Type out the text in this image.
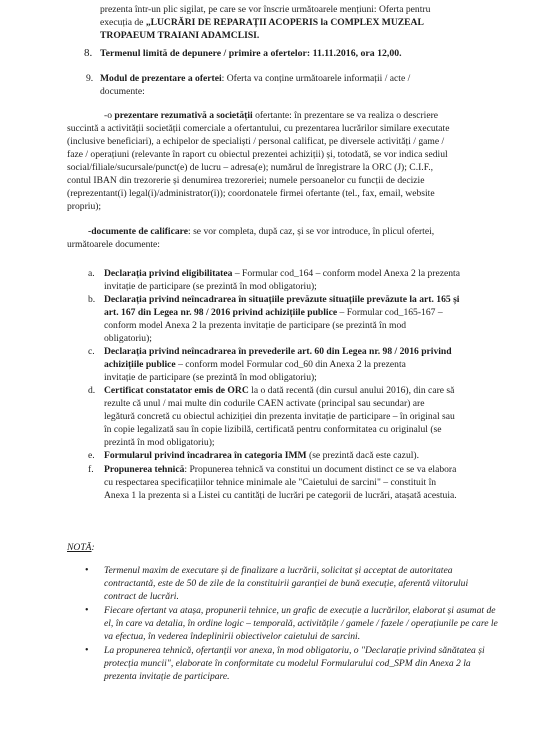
prezenta într-un plic sigilat, pe care se vor înscrie următoarele mențiuni: Oferta pentru
execuția de „LUCRĂRI DE REPARAȚII ACOPERIS la COMPLEX MUZEAL
TROPAEUM TRAIANI ADAMCLISI.
8. Termenul limită de depunere / primire a ofertelor: 11.11.2016, ora 12,00.
9. Modul de prezentare a ofertei: Oferta va conține următoarele informații / acte /
documente:
-o prezentare rezumativă a societății ofertante: în prezentare se va realiza o descriere
succintă a activității societății comerciale a ofertantului, cu prezentarea lucrărilor similare executate
(inclusive beneficiari), a echipelor de specialiști / personal calificat, pe diversele activități / game /
faze / operațiuni (relevante în raport cu obiectul prezentei achiziții) și, totodată, se vor indica sediul
social/filiale/sucursale/punct(e) de lucru – adresa(e); numărul de înregistrare la ORC (J); C.I.F.,
contul IBAN din trezorerie și denumirea trezoreriei; numele persoanelor cu funcții de decizie
(reprezentant(i) legal(i)/administrator(i)); coordonatele firmei ofertante (tel., fax, email, website
propriu);
-documente de calificare: se vor completa, după caz, și se vor introduce, în plicul ofertei,
următoarele documente:
a. Declarația privind eligibilitatea – Formular cod_164 – conform model Anexa 2 la prezenta
invitație de participare (se prezintă în mod obligatoriu);
b. Declarația privind neîncadrarea în situațiile prevăzute situațiile prevăzute la art. 165 și
art. 167 din Legea nr. 98 / 2016 privind achizițiile publice – Formular cod_165-167 –
conform model Anexa 2 la prezenta invitație de participare (se prezintă în mod
obligatoriu);
c. Declarația privind neîncadrarea în prevederile art. 60 din Legea nr. 98 / 2016 privind
achizițiile publice – conform model Formular cod_60 din Anexa 2 la prezenta
invitație de participare (se prezintă în mod obligatoriu);
d. Certificat constatator emis de ORC la o dată recentă (din cursul anului 2016), din care să
rezulte că unul / mai multe din codurile CAEN activate (principal sau secundar) are
legătură concretă cu obiectul achiziției din prezenta invitație de participare – în original sau
în copie legalizată sau în copie lizibilă, certificată pentru conformitatea cu originalul (se
prezintă în mod obligatoriu);
e. Formularul privind încadrarea în categoria IMM (se prezintă dacă este cazul).
f. Propunerea tehnică: Propunerea tehnică va constitui un document distinct ce se va elabora
cu respectarea specificațiilor tehnice minimale ale "Caietului de sarcini" – constituit în
Anexa 1 la prezenta si a Listei cu cantități de lucrări pe categorii de lucrări, atașată acestuia.
NOTĂ:
• Termenul maxim de executare și de finalizare a lucrării, solicitat și acceptat de autoritatea
contractantă, este de 50 de zile de la constituirii garanției de bună execuție, aferentă viitorului
contract de lucrări.
• Fiecare ofertant va atașa, propunerii tehnice, un grafic de execuție a lucrărilor, elaborat și asumat de
el, în care va detalia, în ordine logic – temporală, activitățile / gamele / fazele / operațiunile pe care le
va efectua, în vederea îndeplinirii obiectivelor caietului de sarcini.
• La propunerea tehnică, ofertanții vor anexa, în mod obligatoriu, o "Declarație privind sănătatea și
protecția muncii", elaborate în conformitate cu modelul Formularului cod_SPM din Anexa 2 la
prezenta invitație de participare.
